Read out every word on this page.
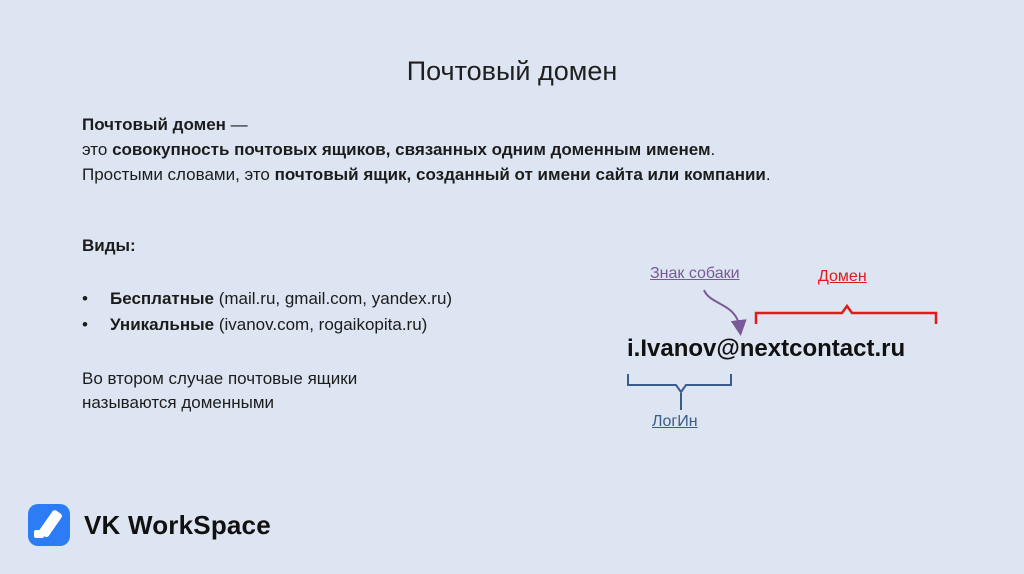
Почтовый домен
Почтовый домен —
это совокупность почтовых ящиков, связанных одним доменным именем.
Простыми словами, это почтовый ящик, созданный от имени сайта или компании.
Виды:
• Бесплатные (mail.ru, gmail.com, yandex.ru)
• Уникальные (ivanov.com, rogaikopita.ru)
Во втором случае почтовые ящики
называются доменными
Знак собаки	Домен
i.Ivanov@nextcontact.ru
ЛогИн
VK WorkSpace
